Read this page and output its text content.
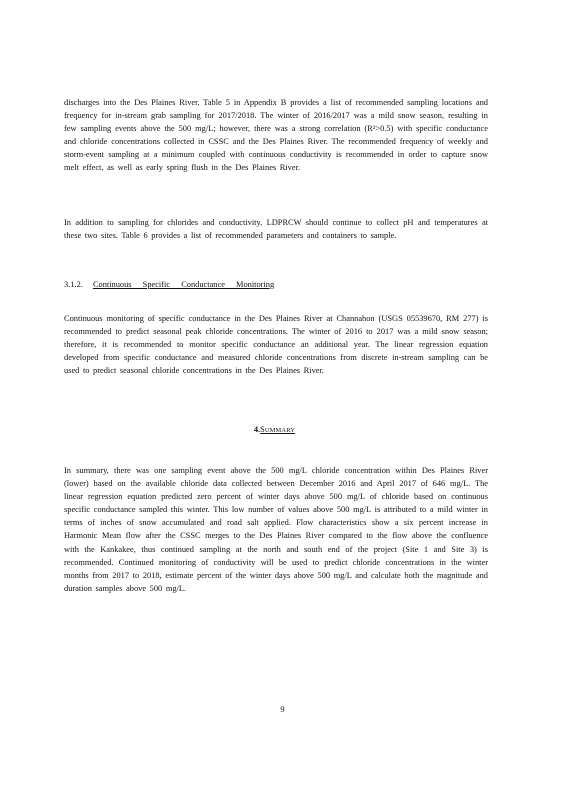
discharges into the Des Plaines River. Table 5 in Appendix B provides a list of recommended sampling locations and frequency for in-stream grab sampling for 2017/2018. The winter of 2016/2017 was a mild snow season, resulting in few sampling events above the 500 mg/L; however, there was a strong correlation (R²>0.5) with specific conductance and chloride concentrations collected in CSSC and the Des Plaines River. The recommended frequency of weekly and storm-event sampling at a minimum coupled with continuous conductivity is recommended in order to capture snow melt effect, as well as early spring flush in the Des Plaines River.

In addition to sampling for chlorides and conductivity, LDPRCW should continue to collect pH and temperatures at these two sites. Table 6 provides a list of recommended parameters and containers to sample.

3.1.2. Continuous Specific Conductance Monitoring

Continuous monitoring of specific conductance in the Des Plaines River at Channahon (USGS 05539670, RM 277) is recommended to predict seasonal peak chloride concentrations. The winter of 2016 to 2017 was a mild snow season; therefore, it is recommended to monitor specific conductance an additional year. The linear regression equation developed from specific conductance and measured chloride concentrations from discrete in-stream sampling can be used to predict seasonal chloride concentrations in the Des Plaines River.

4.SUMMARY

In summary, there was one sampling event above the 500 mg/L chloride concentration within Des Plaines River (lower) based on the available chloride data collected between December 2016 and April 2017 of 646 mg/L. The linear regression equation predicted zero percent of winter days above 500 mg/L of chloride based on continuous specific conductance sampled this winter. This low number of values above 500 mg/L is attributed to a mild winter in terms of inches of snow accumulated and road salt applied. Flow characteristics show a six percent increase in Harmonic Mean flow after the CSSC merges to the Des Plaines River compared to the flow above the confluence with the Kankakee, thus continued sampling at the north and south end of the project (Site 1 and Site 3) is recommended. Continued monitoring of conductivity will be used to predict chloride concentrations in the winter months from 2017 to 2018, estimate percent of the winter days above 500 mg/L and calculate both the magnitude and duration samples above 500 mg/L.

9
